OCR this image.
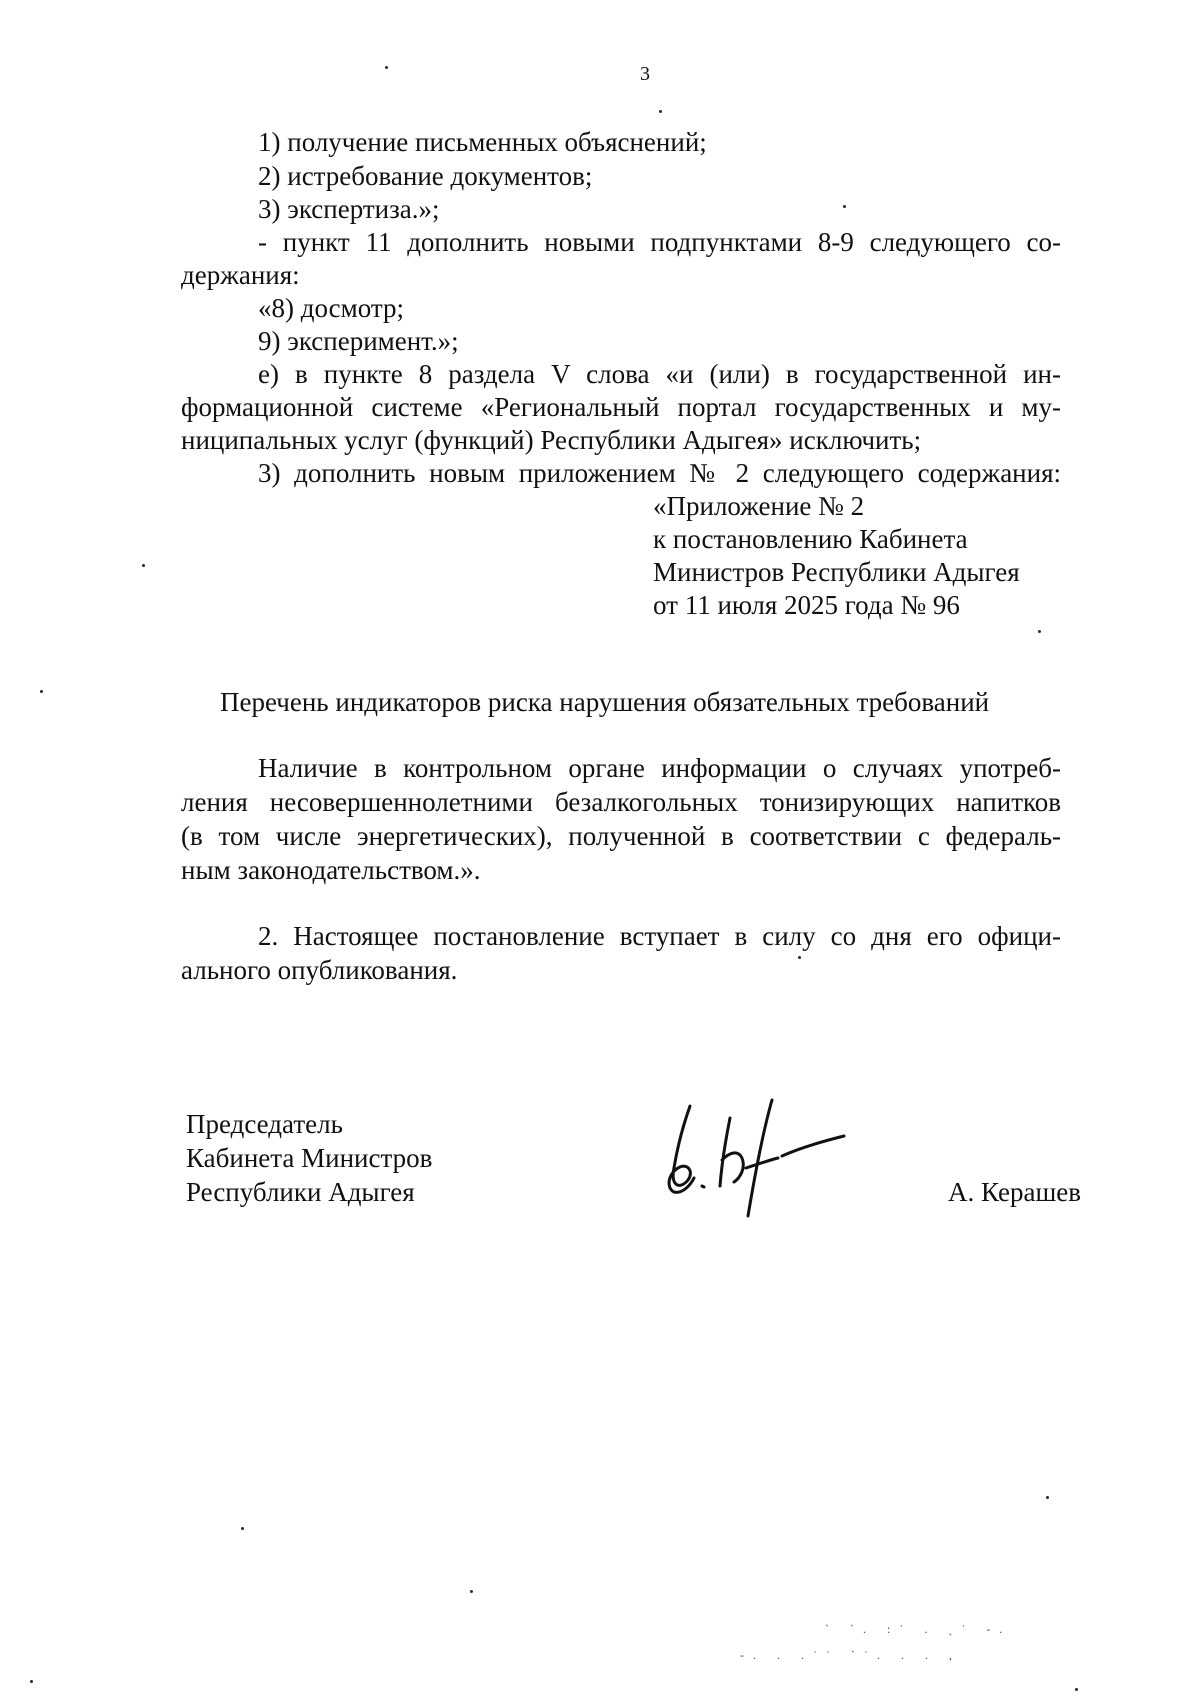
3
1) получение письменных объяснений;
2) истребование документов;
3) экспертиза.»;
- пункт 11 дополнить новыми подпунктами 8-9 следующего со-
держания:
«8) досмотр;
9) эксперимент.»;
е) в пункте 8 раздела V слова «и (или) в государственной ин-
формационной системе «Региональный портал государственных и му-
ниципальных услуг (функций) Республики Адыгея» исключить;
3) дополнить новым приложением № 2 следующего содержания:
«Приложение № 2
к постановлению Кабинета
Министров Республики Адыгея
от 11 июля 2025 года № 96
Перечень индикаторов риска нарушения обязательных требований
Наличие в контрольном органе информации о случаях употреб-
ления несовершеннолетними безалкогольных тонизирующих напитков
(в том числе энергетических), полученной в соответствии с федераль-
ным законодательством.».
2. Настоящее постановление вступает в силу со дня его офици-
ального опубликования.
Председатель
Кабинета Министров
Республики Адыгея	А. Керашев
` `. :˙ . ˏ˙ -.
-. . .˙˙ ˋ˙. . . ,
